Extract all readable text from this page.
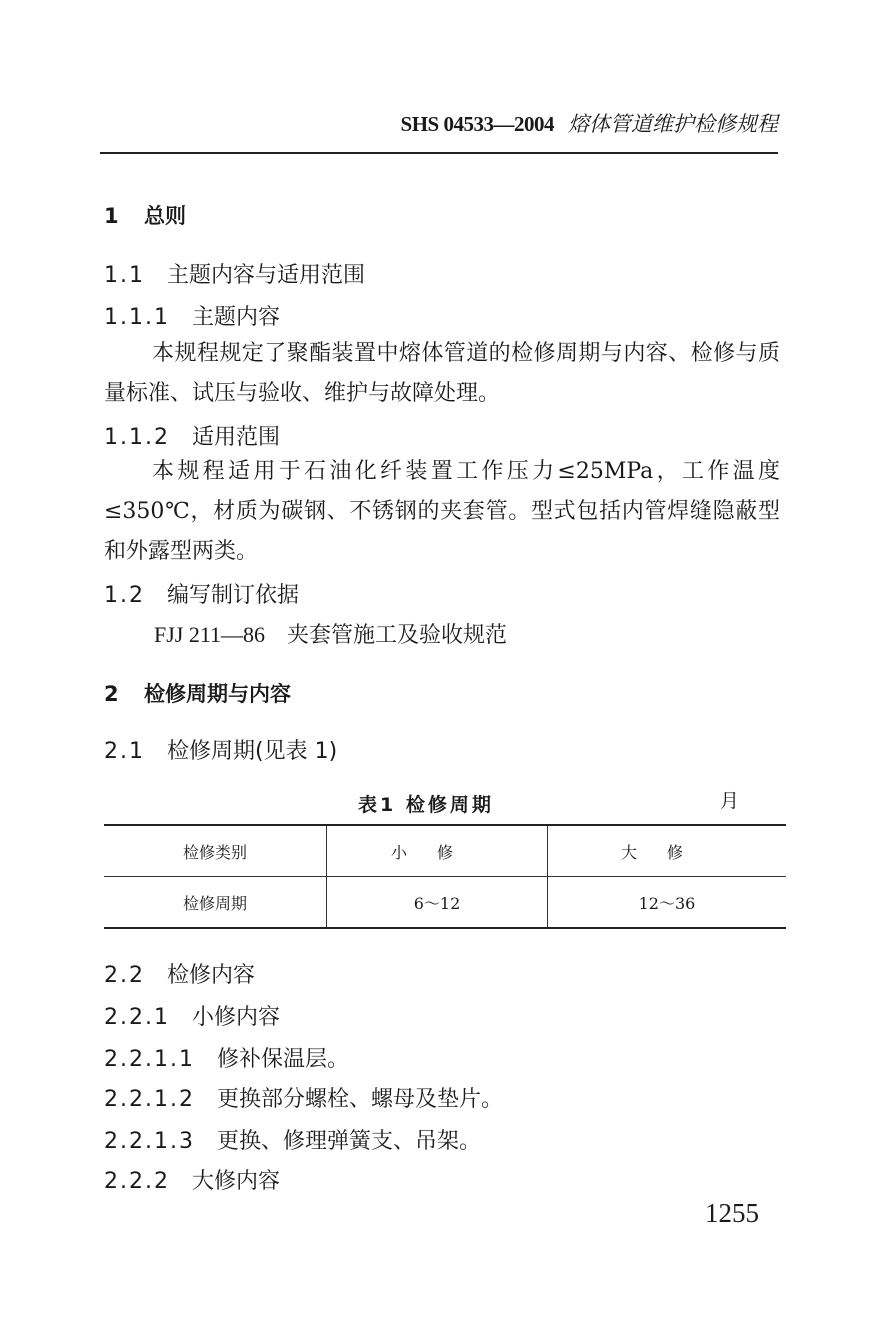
SHS 04533—2004 熔体管道维护检修规程
1 总则
1.1 主题内容与适用范围
1.1.1 主题内容
本规程规定了聚酯装置中熔体管道的检修周期与内容、检修与质量标准、试压与验收、维护与故障处理。
1.1.2 适用范围
本规程适用于石油化纤装置工作压力≤25MPa，工作温度≤350℃，材质为碳钢、不锈钢的夹套管。型式包括内管焊缝隐蔽型和外露型两类。
1.2 编写制订依据
FJJ 211—86 夹套管施工及验收规范
2 检修周期与内容
2.1 检修周期(见表 1)
表1 检修周期	月
检修类别	小修	大修
检修周期	6～12	12～36
2.2 检修内容
2.2.1 小修内容
2.2.1.1 修补保温层。
2.2.1.2 更换部分螺栓、螺母及垫片。
2.2.1.3 更换、修理弹簧支、吊架。
2.2.2 大修内容
1255
